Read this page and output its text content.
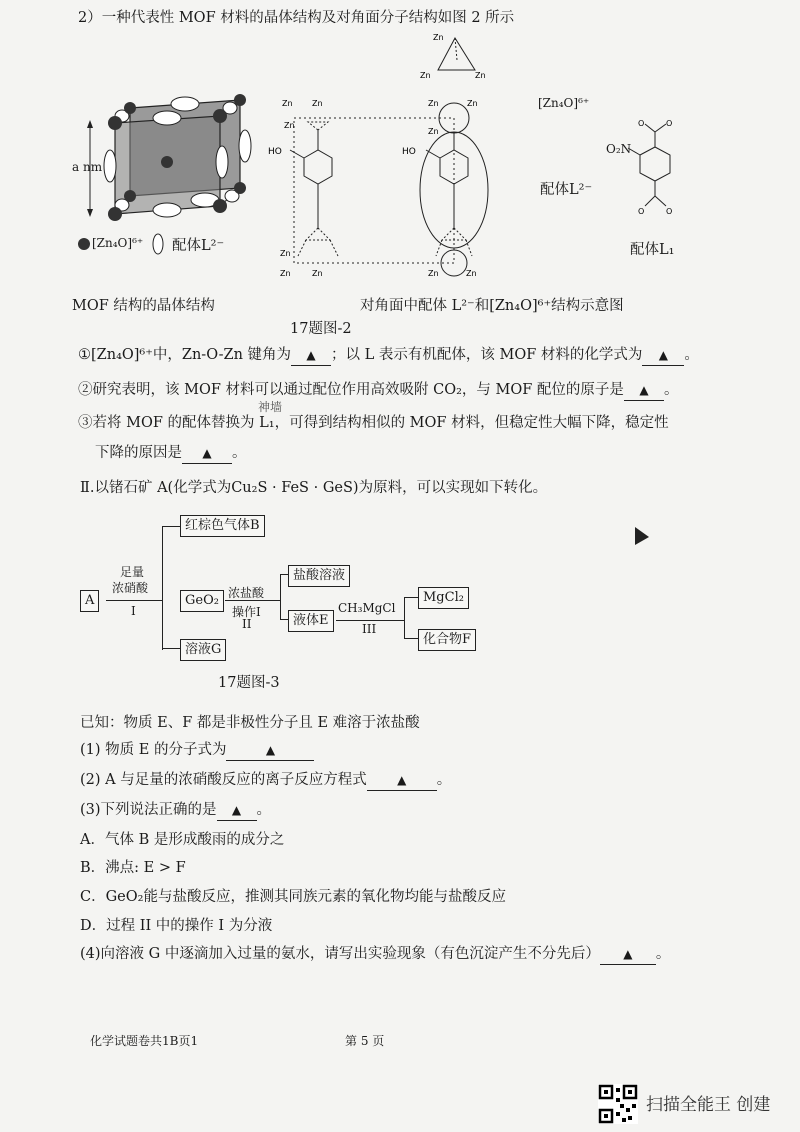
2）一种代表性 MOF 材料的晶体结构及对角面分子结构如图 2 所示
a nm
[Zn₄O]⁶⁺ 配体L²⁻
MOF 结构的晶体结构
Zn
Zn	Zn
Zn Zn
Zn
Zn	Zn
Zn
Zn
Zn	Zn	Zn	Zn
HO	HO
对角面中配体 L²⁻和[Zn₄O]⁶⁺结构示意图
17题图-2
[Zn₄O]⁶⁺
配体L²⁻
O	O
O	O
O₂N
配体L₁
①[Zn₄O]⁶⁺中，Zn-O-Zn 键角为 ▲ ；以 L 表示有机配体，该 MOF 材料的化学式为 ▲ 。
②研究表明，该 MOF 材料可以通过配位作用高效吸附 CO₂，与 MOF 配位的原子是 ▲ 。
神墙
③若将 MOF 的配体替换为 L₁，可得到结构相似的 MOF 材料，但稳定性大幅下降，稳定性
下降的原因是 ▲ 。
Ⅱ.以锗石矿 A(化学式为Cu₂S · FeS · GeS)为原料，可以实现如下转化。
A
足量
浓硝酸
I
红棕色气体B
GeO₂
溶液G
浓盐酸
操作I
II
盐酸溶液
液体E
CH₃MgCl
III
MgCl₂
化合物F
17题图-3
已知：物质 E、F 都是非极性分子且 E 难溶于浓盐酸
(1) 物质 E 的分子式为	▲
(2) A 与足量的浓硝酸反应的离子反应方程式	▲ 。
(3)下列说法正确的是 ▲ 。
A．气体 B 是形成酸雨的成分之
B．沸点: E > F
C．GeO₂能与盐酸反应，推测其同族元素的氧化物均能与盐酸反应
D．过程 II 中的操作 I 为分液
(4)向溶液 G 中逐滴加入过量的氨水，请写出实验现象（有色沉淀产生不分先后） ▲ 。
化学试题卷共1B页1	第 5 页
扫描全能王 创建
